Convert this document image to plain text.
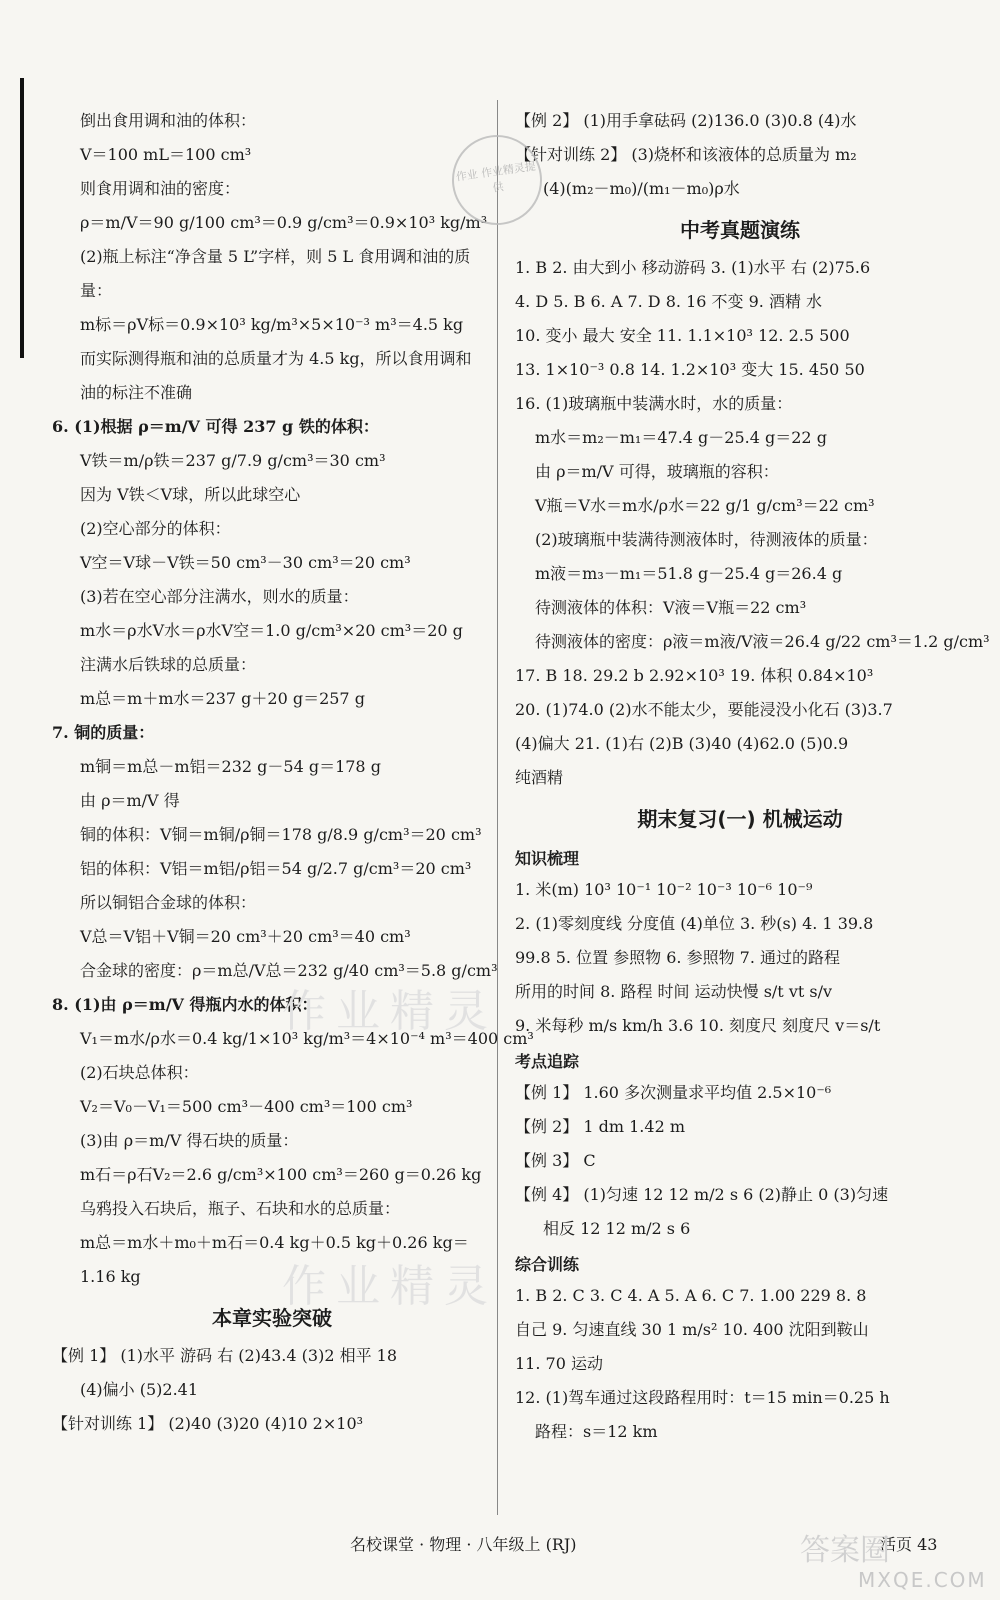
倒出食用调和油的体积：
V＝100 mL＝100 cm³
则食用调和油的密度：
ρ＝m/V＝90 g/100 cm³＝0.9 g/cm³＝0.9×10³ kg/m³
(2)瓶上标注“净含量 5 L”字样，则 5 L 食用调和油的质
量：
m标＝ρV标＝0.9×10³ kg/m³×5×10⁻³ m³＝4.5 kg
而实际测得瓶和油的总质量才为 4.5 kg，所以食用调和
油的标注不准确
6. (1)根据 ρ＝m/V 可得 237 g 铁的体积：
V铁＝m/ρ铁＝237 g/7.9 g/cm³＝30 cm³
因为 V铁＜V球，所以此球空心
(2)空心部分的体积：
V空＝V球－V铁＝50 cm³－30 cm³＝20 cm³
(3)若在空心部分注满水，则水的质量：
m水＝ρ水V水＝ρ水V空＝1.0 g/cm³×20 cm³＝20 g
注满水后铁球的总质量：
m总＝m＋m水＝237 g＋20 g＝257 g
7. 铜的质量：
m铜＝m总－m铝＝232 g－54 g＝178 g
由 ρ＝m/V 得
铜的体积：V铜＝m铜/ρ铜＝178 g/8.9 g/cm³＝20 cm³
铝的体积：V铝＝m铝/ρ铝＝54 g/2.7 g/cm³＝20 cm³
所以铜铝合金球的体积：
V总＝V铝＋V铜＝20 cm³＋20 cm³＝40 cm³
合金球的密度：ρ＝m总/V总＝232 g/40 cm³＝5.8 g/cm³
8. (1)由 ρ＝m/V 得瓶内水的体积：
V₁＝m水/ρ水＝0.4 kg/1×10³ kg/m³＝4×10⁻⁴ m³＝400 cm³
(2)石块总体积：
V₂＝V₀－V₁＝500 cm³－400 cm³＝100 cm³
(3)由 ρ＝m/V 得石块的质量：
m石＝ρ石V₂＝2.6 g/cm³×100 cm³＝260 g＝0.26 kg
乌鸦投入石块后，瓶子、石块和水的总质量：
m总＝m水＋m₀＋m石＝0.4 kg＋0.5 kg＋0.26 kg＝
1.16 kg
本章实验突破
【例 1】 (1)水平 游码 右 (2)43.4 (3)2 相平 18
(4)偏小 (5)2.41
【针对训练 1】 (2)40 (3)20 (4)10 2×10³
【例 2】 (1)用手拿砝码 (2)136.0 (3)0.8 (4)水
【针对训练 2】 (3)烧杯和该液体的总质量为 m₂
(4)(m₂－m₀)/(m₁－m₀)ρ水
中考真题演练
1. B 2. 由大到小 移动游码 3. (1)水平 右 (2)75.6
4. D 5. B 6. A 7. D 8. 16 不变 9. 酒精 水
10. 变小 最大 安全 11. 1.1×10³ 12. 2.5 500
13. 1×10⁻³ 0.8 14. 1.2×10³ 变大 15. 450 50
16. (1)玻璃瓶中装满水时，水的质量：
m水＝m₂－m₁＝47.4 g－25.4 g＝22 g
由 ρ＝m/V 可得，玻璃瓶的容积：
V瓶＝V水＝m水/ρ水＝22 g/1 g/cm³＝22 cm³
(2)玻璃瓶中装满待测液体时，待测液体的质量：
m液＝m₃－m₁＝51.8 g－25.4 g＝26.4 g
待测液体的体积：V液＝V瓶＝22 cm³
待测液体的密度：ρ液＝m液/V液＝26.4 g/22 cm³＝1.2 g/cm³
17. B 18. 29.2 b 2.92×10³ 19. 体积 0.84×10³
20. (1)74.0 (2)水不能太少，要能浸没小化石 (3)3.7
(4)偏大 21. (1)右 (2)B (3)40 (4)62.0 (5)0.9
纯酒精
期末复习(一) 机械运动
知识梳理
1. 米(m) 10³ 10⁻¹ 10⁻² 10⁻³ 10⁻⁶ 10⁻⁹
2. (1)零刻度线 分度值 (4)单位 3. 秒(s) 4. 1 39.8
99.8 5. 位置 参照物 6. 参照物 7. 通过的路程
所用的时间 8. 路程 时间 运动快慢 s/t vt s/v
9. 米每秒 m/s km/h 3.6 10. 刻度尺 刻度尺 v＝s/t
考点追踪
【例 1】 1.60 多次测量求平均值 2.5×10⁻⁶
【例 2】 1 dm 1.42 m
【例 3】 C
【例 4】 (1)匀速 12 12 m/2 s 6 (2)静止 0 (3)匀速
相反 12 12 m/2 s 6
综合训练
1. B 2. C 3. C 4. A 5. A 6. C 7. 1.00 229 8. 8
自己 9. 匀速直线 30 1 m/s² 10. 400 沈阳到鞍山
11. 70 运动
12. (1)驾车通过这段路程用时：t＝15 min＝0.25 h
路程：s＝12 km
名校课堂 · 物理 · 八年级上 (RJ)	活页 43
作业 作业精灵提供
作业精灵
作业精灵
答案圈
MXQE.COM
